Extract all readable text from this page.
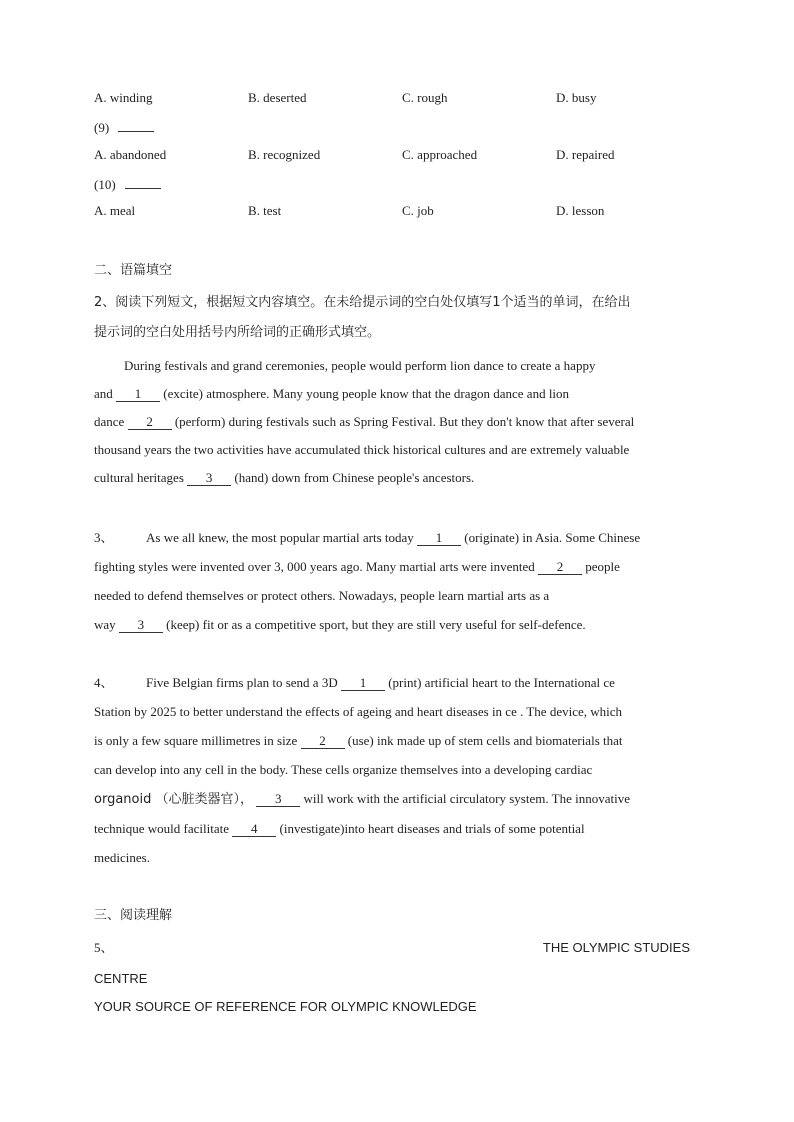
A. winding	B. deserted	C. rough	D. busy
(9)
A. abandoned	B. recognized	C. approached	D. repaired
(10)
A. meal	B. test	C. job	D. lesson
二、语篇填空
2、阅读下列短文，根据短文内容填空。在未给提示词的空白处仅填写1个适当的单词，在给出
提示词的空白处用括号内所给词的正确形式填空。

During festivals and grand ceremonies, people would perform lion dance to create a happy

and 1 (excite) atmosphere. Many young people know that the dragon dance and lion

dance 2 (perform) during festivals such as Spring Festival. But they don't know that after several

thousand years the two activities have accumulated thick historical cultures and are extremely valuable

cultural heritages 3 (hand) down from Chinese people's ancestors.

3、 As we all knew, the most popular martial arts today 1 (originate) in Asia. Some Chinese

fighting styles were invented over 3, 000 years ago. Many martial arts were invented 2 people

needed to defend themselves or protect others. Nowadays, people learn martial arts as a

way 3 (keep) fit or as a competitive sport, but they are still very useful for self-defence.

4、 Five Belgian firms plan to send a 3D 1 (print) artificial heart to the International ce

Station by 2025 to better understand the effects of ageing and heart diseases in ce . The device, which

is only a few square millimetres in size 2 (use) ink made up of stem cells and biomaterials that

can develop into any cell in the body. These cells organize themselves into a developing cardiac

organoid （心脏类器官）， 3 will work with the artificial circulatory system. The innovative

technique would facilitate 4 (investigate)into heart diseases and trials of some potential

medicines.

三、阅读理解
5、	THE OLYMPIC STUDIES
CENTRE
YOUR SOURCE OF REFERENCE FOR OLYMPIC KNOWLEDGE
